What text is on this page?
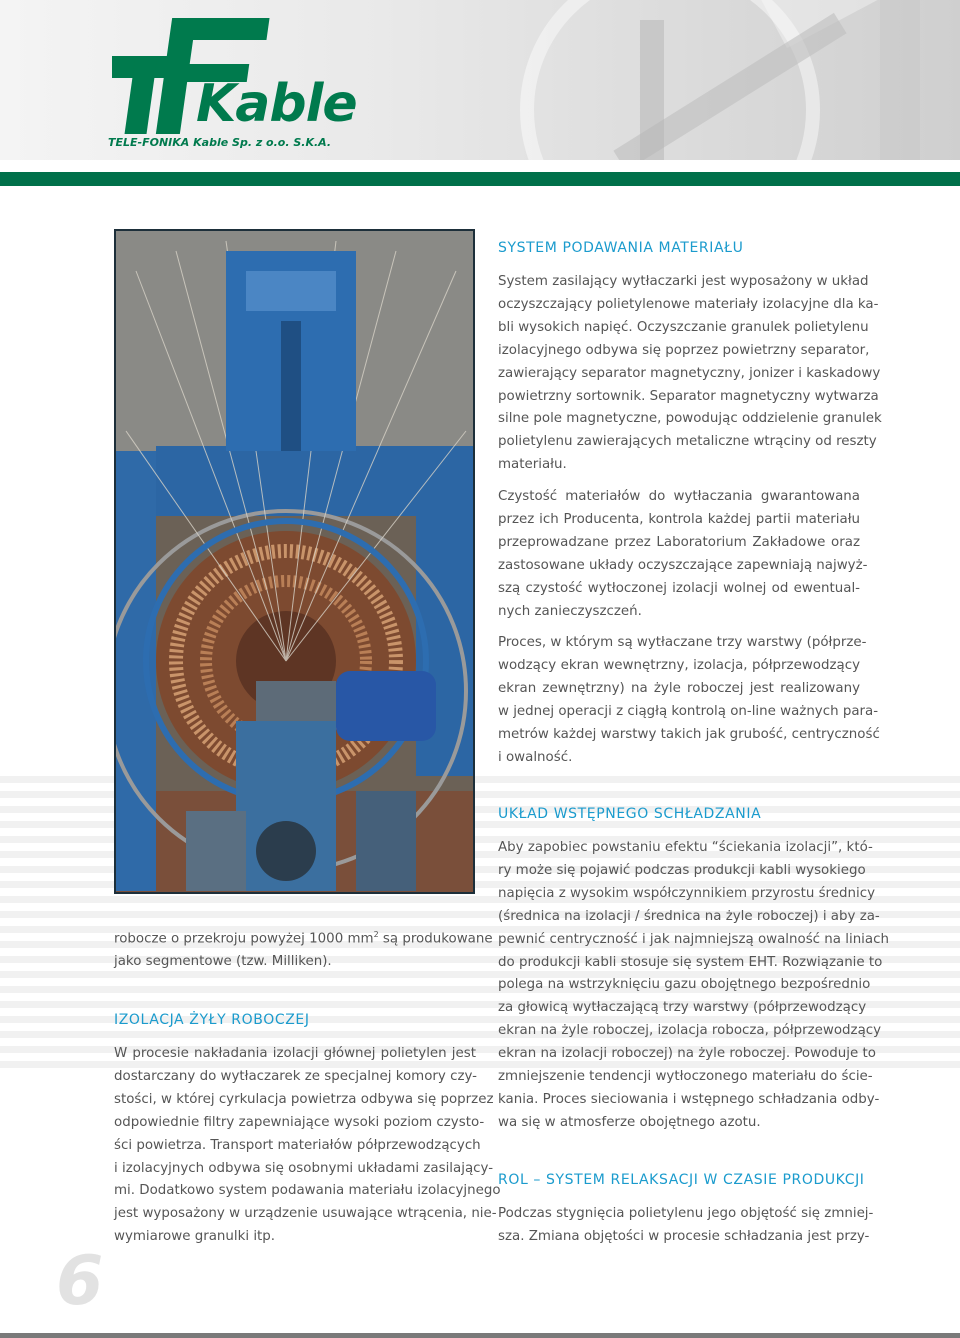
Kable
TELE-FONIKA Kable Sp. z o.o. S.K.A.
SYSTEM PODAWANIA MATERIAŁU
System zasilający wytłaczarki jest wyposażony w układ
oczyszczający polietylenowe materiały izolacyjne dla ka-
bli wysokich napięć. Oczyszczanie granulek polietylenu
izolacyjnego odbywa się poprzez powietrzny separator,
zawierający separator magnetyczny, jonizer i kaskadowy
powietrzny sortownik. Separator magnetyczny wytwarza
silne pole magnetyczne, powodując oddzielenie granulek
polietylenu zawierających metaliczne wtrąciny od reszty
materiału.
Czystość materiałów do wytłaczania gwarantowana
przez ich Producenta, kontrola każdej partii materiału
przeprowadzane przez Laboratorium Zakładowe oraz
zastosowane układy oczyszczające zapewniają najwyż-
szą czystość wytłoczonej izolacji wolnej od ewentual-
nych zanieczyszczeń.
Proces, w którym są wytłaczane trzy warstwy (półprze-
wodzący ekran wewnętrzny, izolacja, półprzewodzący
ekran zewnętrzny) na żyle roboczej jest realizowany
w jednej operacji z ciągłą kontrolą on-line ważnych para-
metrów każdej warstwy takich jak grubość, centryczność
i owalność.
UKŁAD WSTĘPNEGO SCHŁADZANIA
Aby zapobiec powstaniu efektu “ściekania izolacji”, któ-
ry może się pojawić podczas produkcji kabli wysokiego
napięcia z wysokim współczynnikiem przyrostu średnicy
(średnica na izolacji / średnica na żyle roboczej) i aby za-
pewnić centryczność i jak najmniejszą owalność na liniach
do produkcji kabli stosuje się system EHT. Rozwiązanie to
polega na wstrzyknięciu gazu obojętnego bezpośrednio
za głowicą wytłaczającą trzy warstwy (półprzewodzący
ekran na żyle roboczej, izolacja robocza, półprzewodzący
ekran na izolacji roboczej) na żyle roboczej. Powoduje to
zmniejszenie tendencji wytłoczonego materiału do ście-
kania. Proces sieciowania i wstępnego schładzania odby-
wa się w atmosferze obojętnego azotu.
ROL – SYSTEM RELAKSACJI W CZASIE PRODUKCJI
Podczas stygnięcia polietylenu jego objętość się zmniej-
sza. Zmiana objętości w procesie schładzania jest przy-
robocze o przekroju powyżej 1000 $mm^2$ są produkowane
jako segmentowe (tzw. Milliken).
IZOLACJA ŻYŁY ROBOCZEJ
W procesie nakładania izolacji głównej polietylen jest
dostarczany do wytłaczarek ze specjalnej komory czy-
stości, w której cyrkulacja powietrza odbywa się poprzez
odpowiednie filtry zapewniające wysoki poziom czysto-
ści powietrza. Transport materiałów półprzewodzących
i izolacyjnych odbywa się osobnymi układami zasilający-
mi. Dodatkowo system podawania materiału izolacyjnego
jest wyposażony w urządzenie usuwające wtrącenia, nie-
wymiarowe granulki itp.
6
